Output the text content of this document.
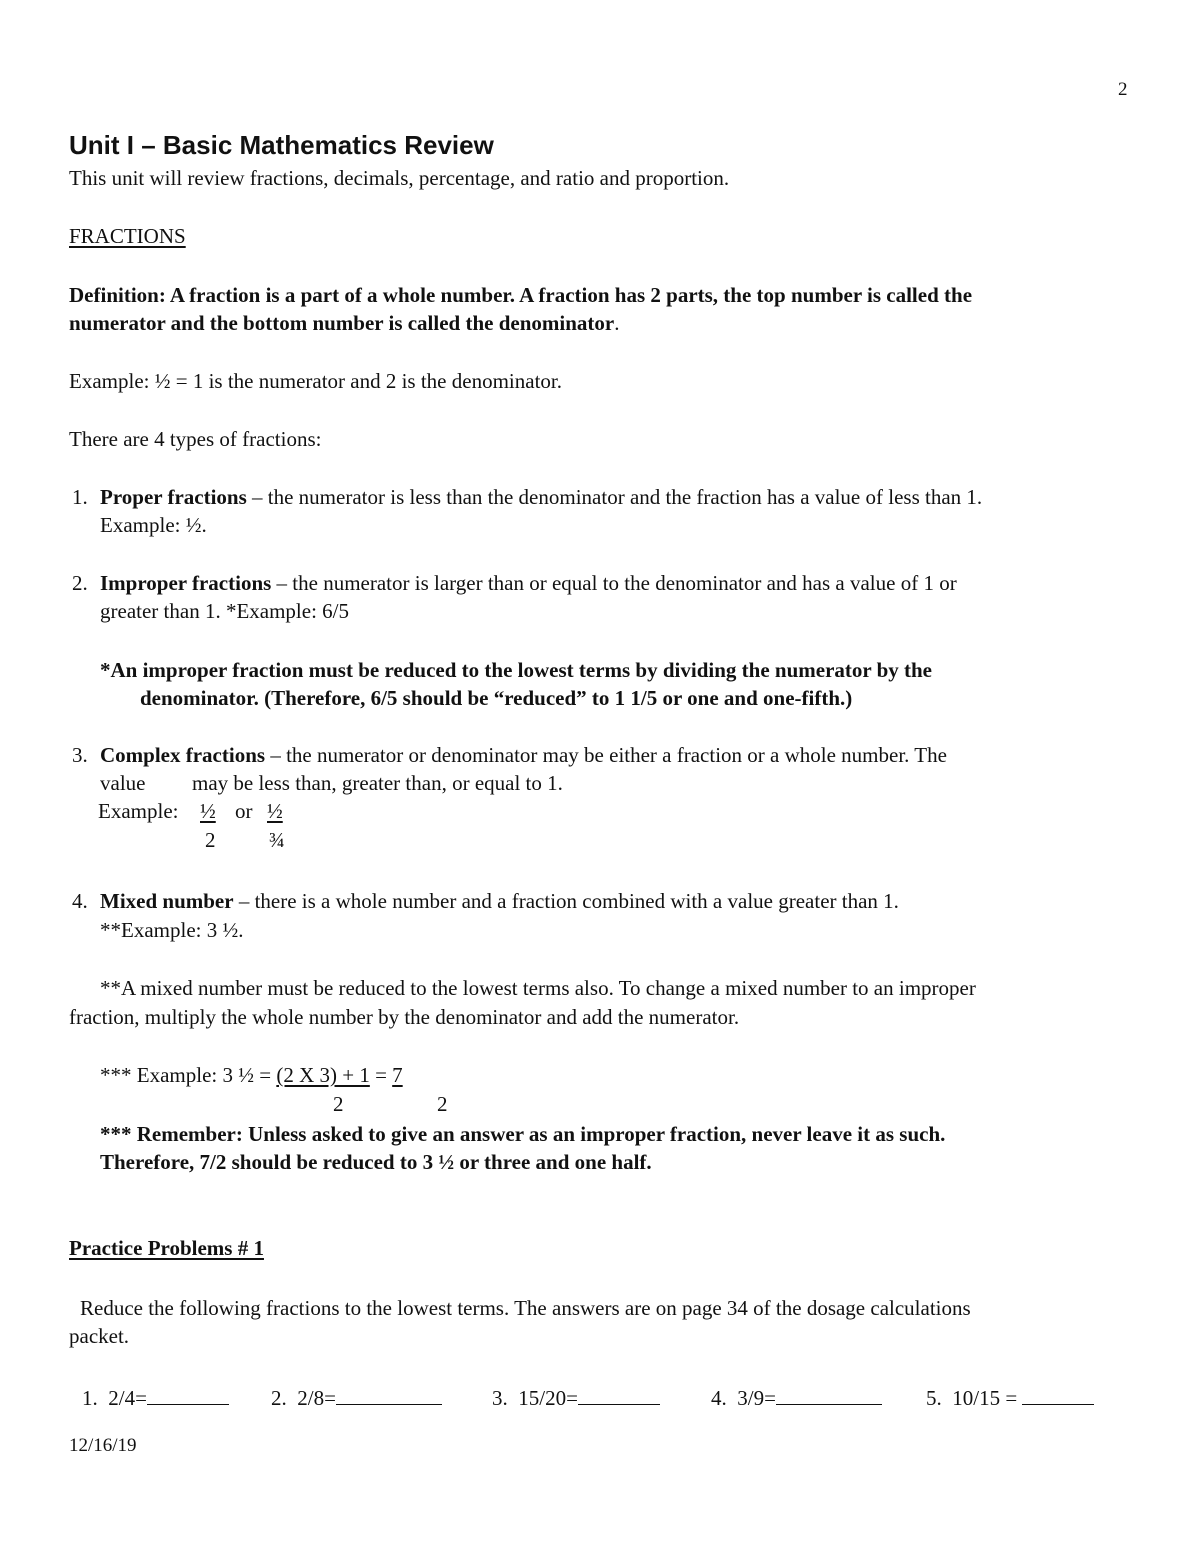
2
Unit I – Basic Mathematics Review
This unit will review fractions, decimals, percentage, and ratio and proportion.
FRACTIONS
Definition: A fraction is a part of a whole number. A fraction has 2 parts, the top number is called the
numerator and the bottom number is called the denominator.
Example: ½ = 1 is the numerator and 2 is the denominator.
There are 4 types of fractions:
1. Proper fractions – the numerator is less than the denominator and the fraction has a value of less than 1.
Example: ½.
2. Improper fractions – the numerator is larger than or equal to the denominator and has a value of 1 or
greater than 1. *Example: 6/5
*An improper fraction must be reduced to the lowest terms by dividing the numerator by the
denominator. (Therefore, 6/5 should be “reduced” to 1 1/5 or one and one-fifth.)
3. Complex fractions – the numerator or denominator may be either a fraction or a whole number. The
value may be less than, greater than, or equal to 1.
Example: ½ or ½
2	¾
4. Mixed number – there is a whole number and a fraction combined with a value greater than 1.
**Example: 3 ½.
**A mixed number must be reduced to the lowest terms also. To change a mixed number to an improper
fraction, multiply the whole number by the denominator and add the numerator.
*** Example: 3 ½ = (2 X 3) + 1 = 7
2	2
*** Remember: Unless asked to give an answer as an improper fraction, never leave it as such.
Therefore, 7/2 should be reduced to 3 ½ or three and one half.
Practice Problems # 1
Reduce the following fractions to the lowest terms. The answers are on page 34 of the dosage calculations
packet.
1. 2/4=	2. 2/8=	3. 15/20=	4. 3/9=	5. 10/15 =
12/16/19
